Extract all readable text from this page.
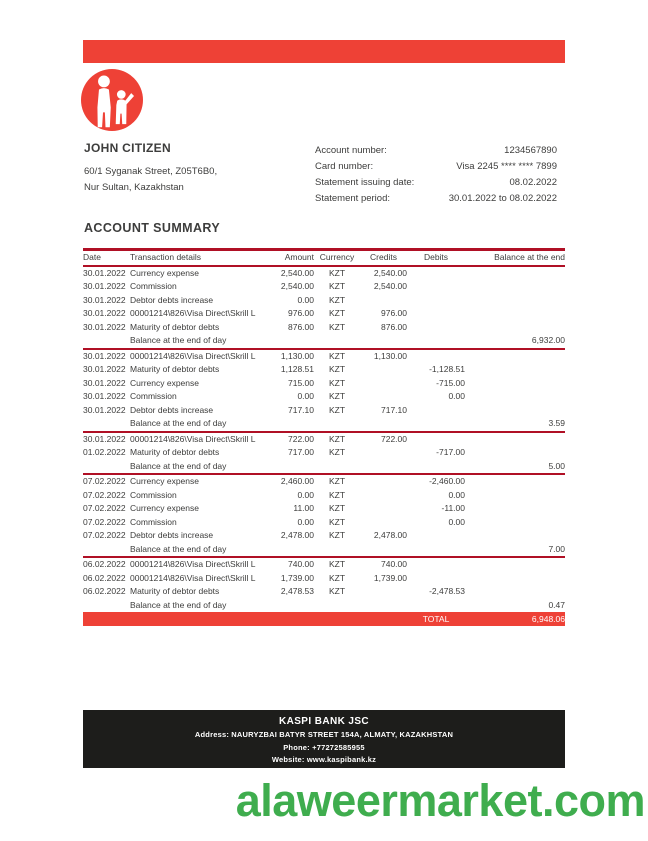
JOHN CITIZEN
60/1 Syganak Street, Z05T6B0,
Nur Sultan, Kazakhstan
Account number:	1234567890
Card number:	Visa 2245 **** **** 7899
Statement issuing date:	08.02.2022
Statement period:	30.01.2022 to 08.02.2022
ACCOUNT SUMMARY
Date	Transaction details	Amount	Currency	Credits	Debits	Balance at the end
30.01.2022	Currency expense	2,540.00	KZT	2,540.00		
30.01.2022	Commission	2,540.00	KZT	2,540.00		
30.01.2022	Debtor debts increase	0.00	KZT			
30.01.2022	00001214\826\Visa Direct\Skrill L	976.00	KZT	976.00		
30.01.2022	Maturity of debtor debts	876.00	KZT	876.00		
	Balance at the end of day					6,932.00
30.01.2022	00001214\826\Visa Direct\Skrill L	1,130.00	KZT	1,130.00		
30.01.2022	Maturity of debtor debts	1,128.51	KZT		-1,128.51	
30.01.2022	Currency expense	715.00	KZT		-715.00	
30.01.2022	Commission	0.00	KZT		0.00	
30.01.2022	Debtor debts increase	717.10	KZT	717.10		
	Balance at the end of day					3.59
30.01.2022	00001214\826\Visa Direct\Skrill L	722.00	KZT	722.00		
01.02.2022	Maturity of debtor debts	717.00	KZT		-717.00	
	Balance at the end of day					5.00
07.02.2022	Currency expense	2,460.00	KZT		-2,460.00	
07.02.2022	Commission	0.00	KZT		0.00	
07.02.2022	Currency expense	11.00	KZT		-11.00	
07.02.2022	Commission	0.00	KZT		0.00	
07.02.2022	Debtor debts increase	2,478.00	KZT	2,478.00		
	Balance at the end of day					7.00
06.02.2022	00001214\826\Visa Direct\Skrill L	740.00	KZT	740.00		
06.02.2022	00001214\826\Visa Direct\Skrill L	1,739.00	KZT	1,739.00		
06.02.2022	Maturity of debtor debts	2,478.53	KZT		-2,478.53	
	Balance at the end of day					0.47
					TOTAL	6,948.06
KASPI BANK JSC
Address: NAURYZBAI BATYR STREET 154A, ALMATY, KAZAKHSTAN
Phone: +77272585955
Website: www.kaspibank.kz
alaweermarket.com
